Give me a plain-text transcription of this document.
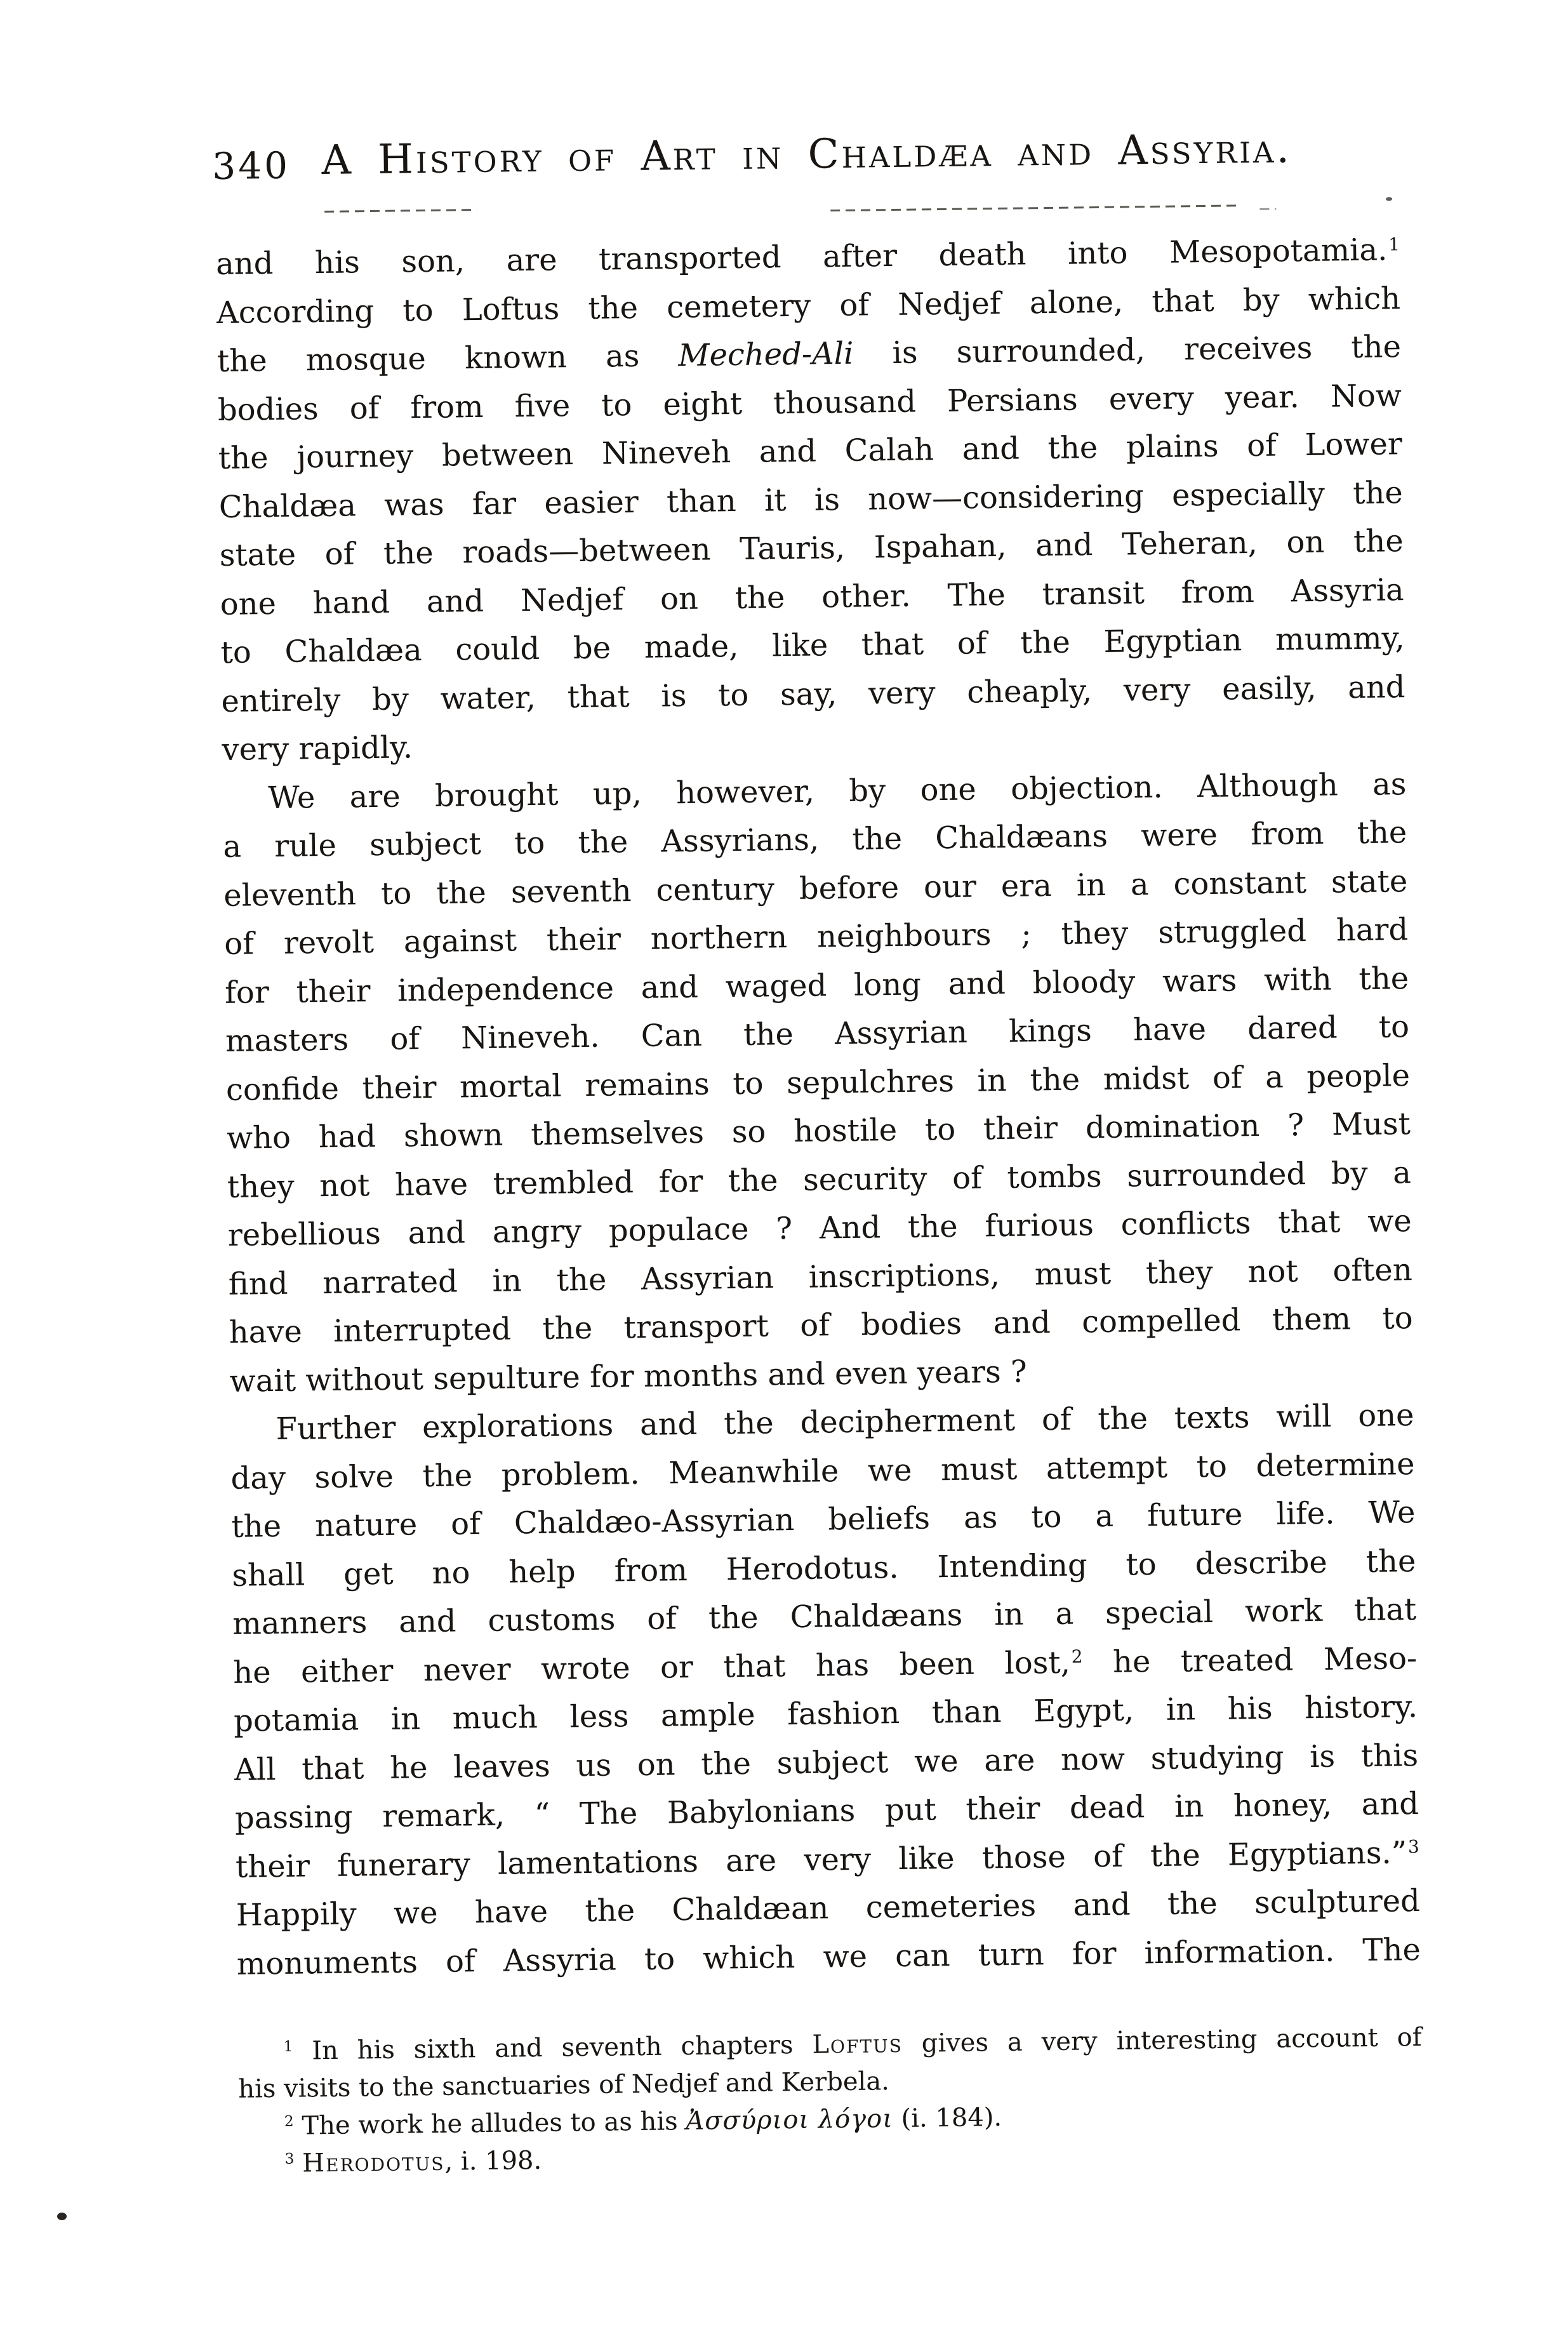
340 A History of Art in Chaldæa and Assyria.
and his son, are transported after death into Mesopotamia.$^1$
According to Loftus the cemetery of Nedjef alone, that by which
the mosque known as Meched-Ali is surrounded, receives the
bodies of from five to eight thousand Persians every year. Now
the journey between Nineveh and Calah and the plains of Lower
Chaldæa was far easier than it is now—considering especially the
state of the roads—between Tauris, Ispahan, and Teheran, on the
one hand and Nedjef on the other. The transit from Assyria
to Chaldæa could be made, like that of the Egyptian mummy,
entirely by water, that is to say, very cheaply, very easily, and
very rapidly.
We are brought up, however, by one objection. Although as
a rule subject to the Assyrians, the Chaldæans were from the
eleventh to the seventh century before our era in a constant state
of revolt against their northern neighbours ; they struggled hard
for their independence and waged long and bloody wars with the
masters of Nineveh. Can the Assyrian kings have dared to
confide their mortal remains to sepulchres in the midst of a people
who had shown themselves so hostile to their domination ? Must
they not have trembled for the security of tombs surrounded by a
rebellious and angry populace ? And the furious conflicts that we
find narrated in the Assyrian inscriptions, must they not often
have interrupted the transport of bodies and compelled them to
wait without sepulture for months and even years ?
Further explorations and the decipherment of the texts will one
day solve the problem. Meanwhile we must attempt to determine
the nature of Chaldæo-Assyrian beliefs as to a future life. We
shall get no help from Herodotus. Intending to describe the
manners and customs of the Chaldæans in a special work that
he either never wrote or that has been lost,$^2$ he treated Meso-
potamia in much less ample fashion than Egypt, in his history.
All that he leaves us on the subject we are now studying is this
passing remark, “ The Babylonians put their dead in honey, and
their funerary lamentations are very like those of the Egyptians.”$^3$
Happily we have the Chaldæan cemeteries and the sculptured
monuments of Assyria to which we can turn for information. The
$^1$ In his sixth and seventh chapters Loftus gives a very interesting account of
his visits to the sanctuaries of Nedjef and Kerbela.
$^2$ The work he alludes to as his Ἀσσύριοι λόγοι (i. 184).
$^3$ Herodotus, i. 198.
